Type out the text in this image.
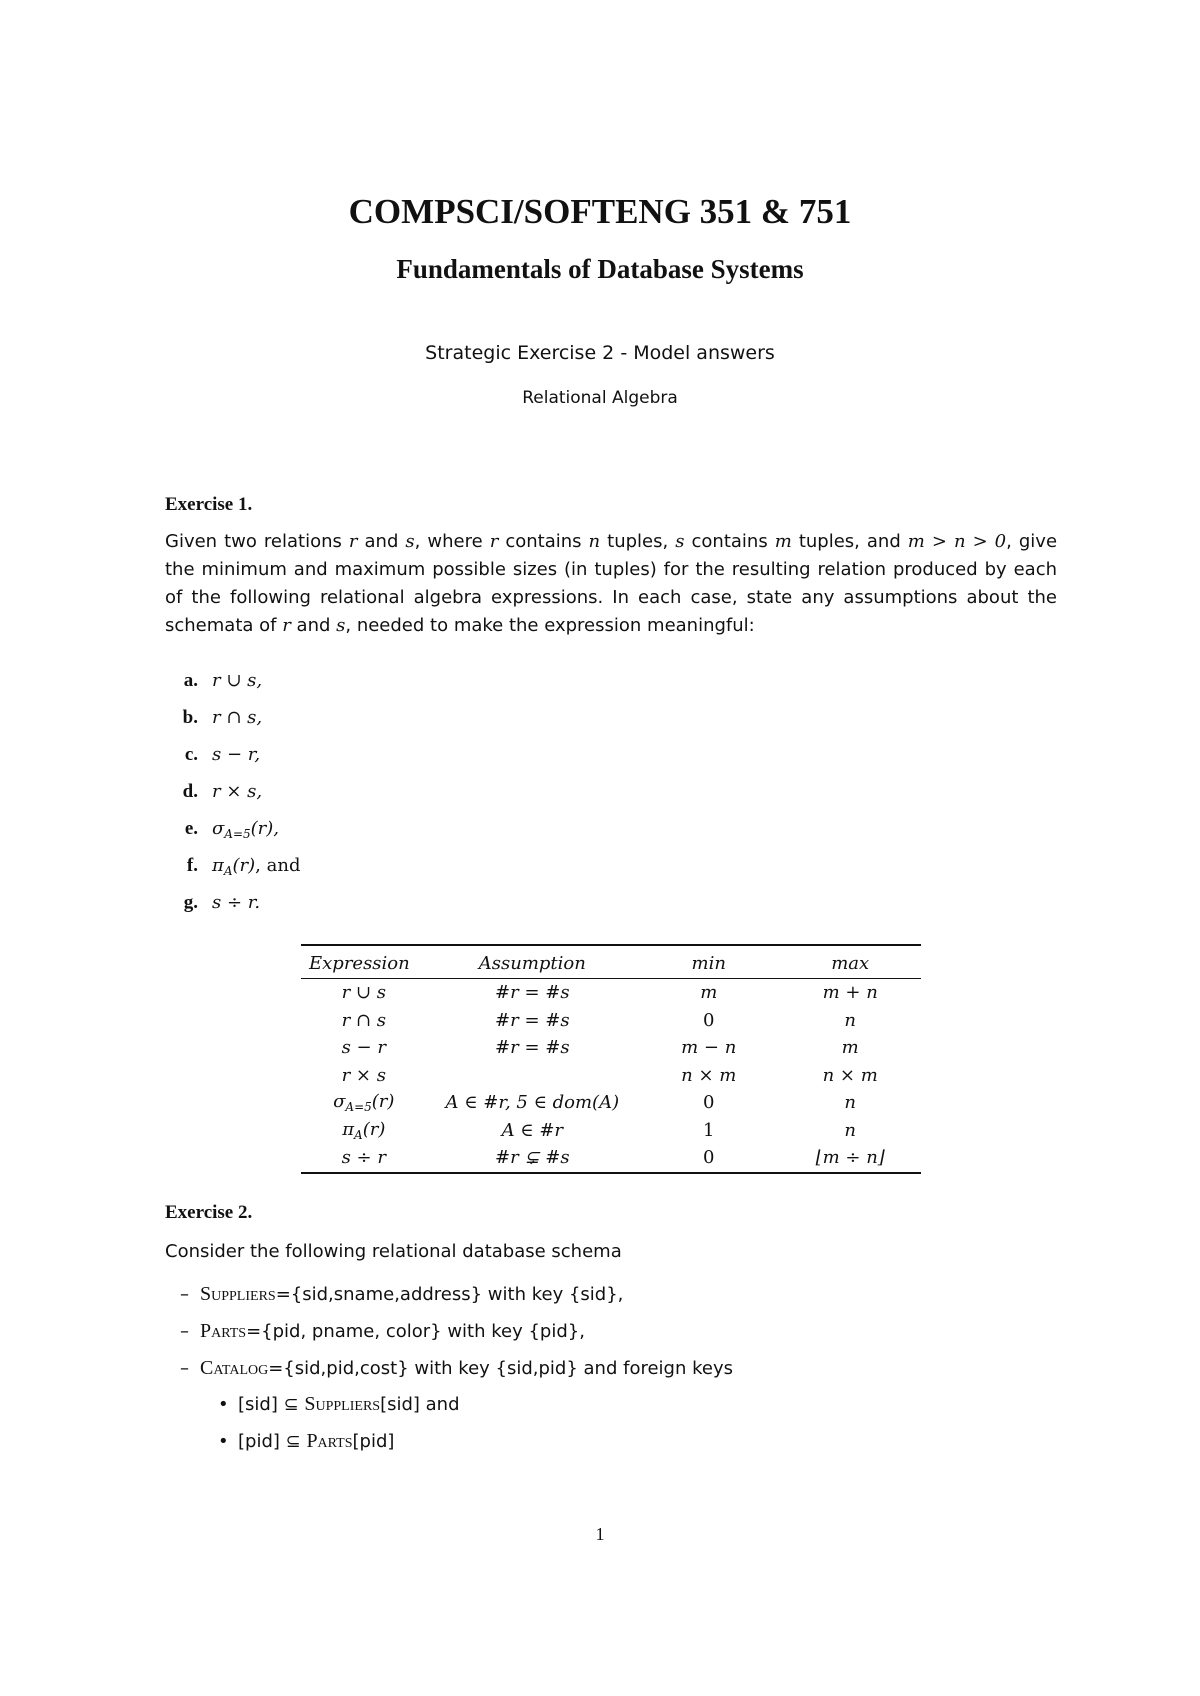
COMPSCI/SOFTENG 351 & 751
Fundamentals of Database Systems
Strategic Exercise 2 - Model answers
Relational Algebra
Exercise 1.

Given two relations r and s, where r contains n tuples, s contains m tuples, and m > n > 0, give the minimum and maximum possible sizes (in tuples) for the resulting relation produced by each of the following relational algebra expressions. In each case, state any assumptions about the schemata of r and s, needed to make the expression meaningful:

a. r ∪ s,
b. r ∩ s,
c. s − r,
d. r × s,
e. $\sigma_{A=5}(r)$,
f. $\pi_A(r)$, and
g. s ÷ r.
Expression	Assumption	min	max
r ∪ s	#r = #s	m	m + n
r ∩ s	#r = #s	0	n
s − r	#r = #s	m − n	m
r × s		n × m	n × m
$\sigma_{A=5}(r)$	A ∈ #r, 5 ∈ dom(A)	0	n
$\pi_A(r)$	A ∈ #r	1	n
s ÷ r	#r ⊊ #s	0	⌊m ÷ n⌋
Exercise 2.
Consider the following relational database schema
– Suppliers={sid,sname,address} with key {sid},
– Parts={pid, pname, color} with key {pid},
– Catalog={sid,pid,cost} with key {sid,pid} and foreign keys
• [sid] ⊆ Suppliers[sid] and
• [pid] ⊆ Parts[pid]
1
